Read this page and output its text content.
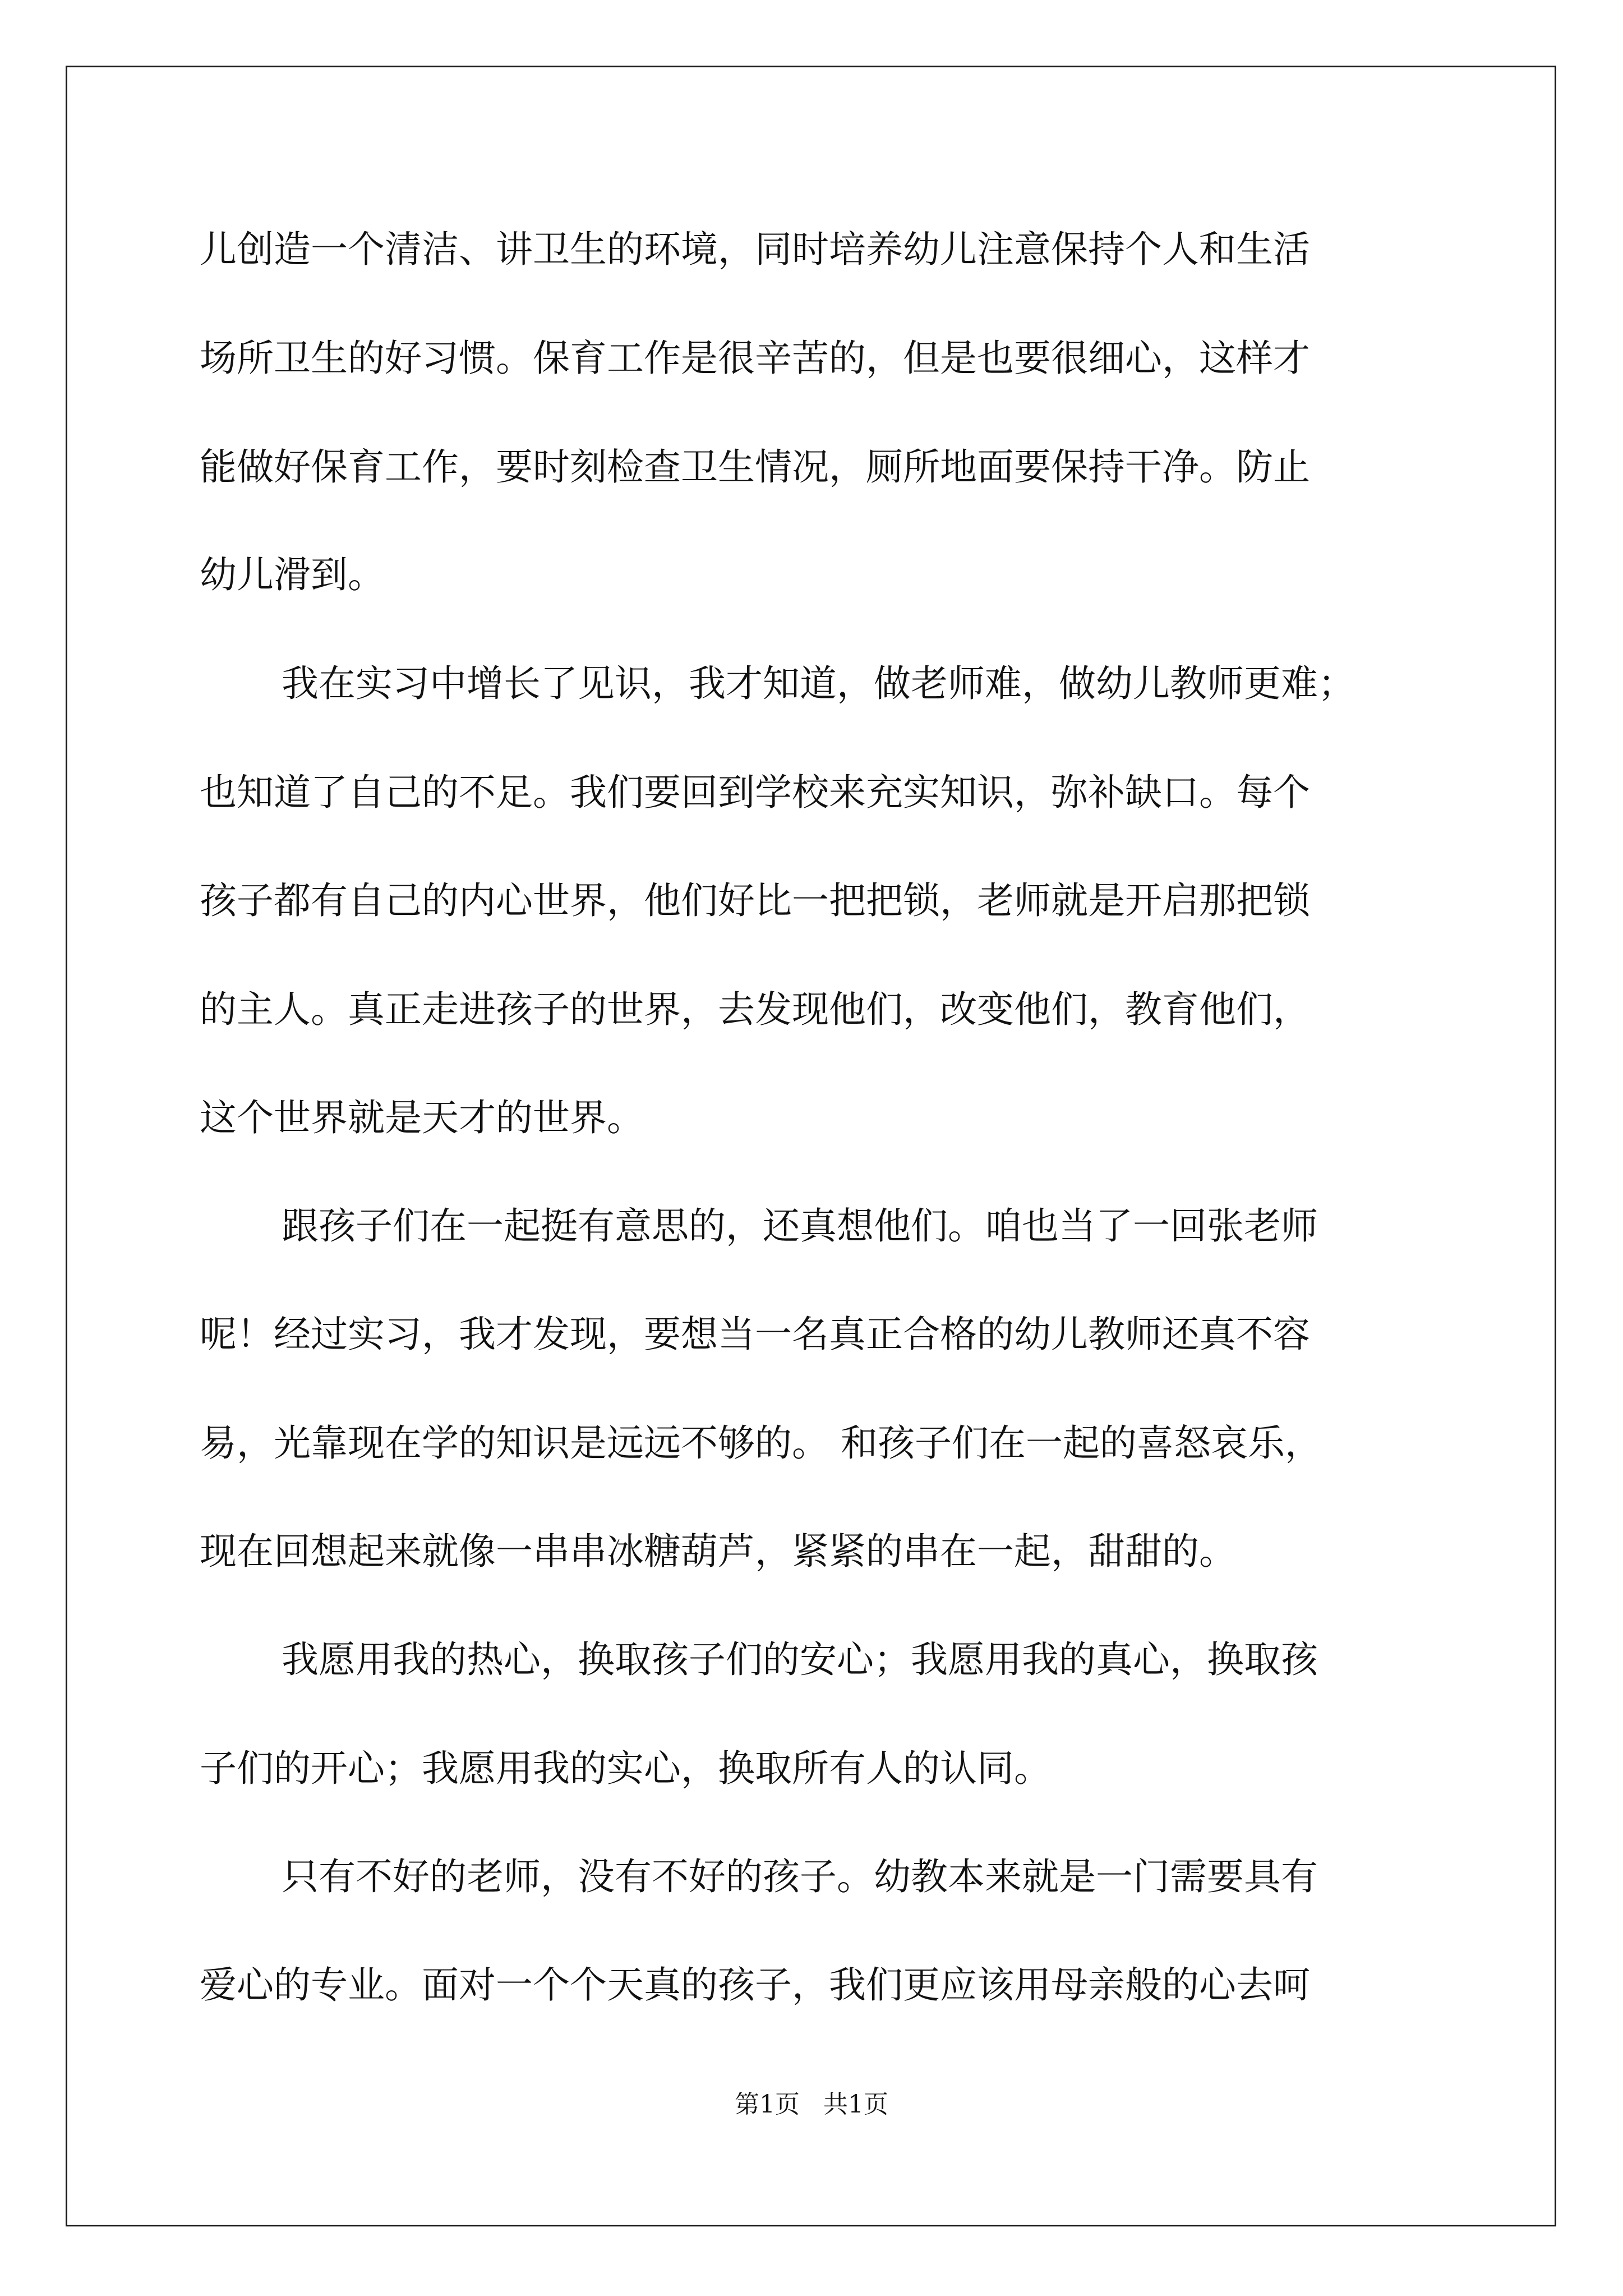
儿创造一个清洁、讲卫生的环境，同时培养幼儿注意保持个人和生活

场所卫生的好习惯。保育工作是很辛苦的，但是也要很细心，这样才

能做好保育工作，要时刻检查卫生情况，厕所地面要保持干净。防止

幼儿滑到。

我在实习中增长了见识，我才知道，做老师难，做幼儿教师更难；

也知道了自己的不足。我们要回到学校来充实知识，弥补缺口。每个

孩子都有自己的内心世界，他们好比一把把锁，老师就是开启那把锁

的主人。真正走进孩子的世界，去发现他们，改变他们，教育他们，

这个世界就是天才的世界。

跟孩子们在一起挺有意思的，还真想他们。咱也当了一回张老师

呢！经过实习，我才发现，要想当一名真正合格的幼儿教师还真不容

易，光靠现在学的知识是远远不够的。 和孩子们在一起的喜怒哀乐，

现在回想起来就像一串串冰糖葫芦，紧紧的串在一起，甜甜的。

我愿用我的热心，换取孩子们的安心；我愿用我的真心，换取孩

子们的开心；我愿用我的实心，换取所有人的认同。

只有不好的老师，没有不好的孩子。幼教本来就是一门需要具有

爱心的专业。面对一个个天真的孩子，我们更应该用母亲般的心去呵

第1页   共1页
